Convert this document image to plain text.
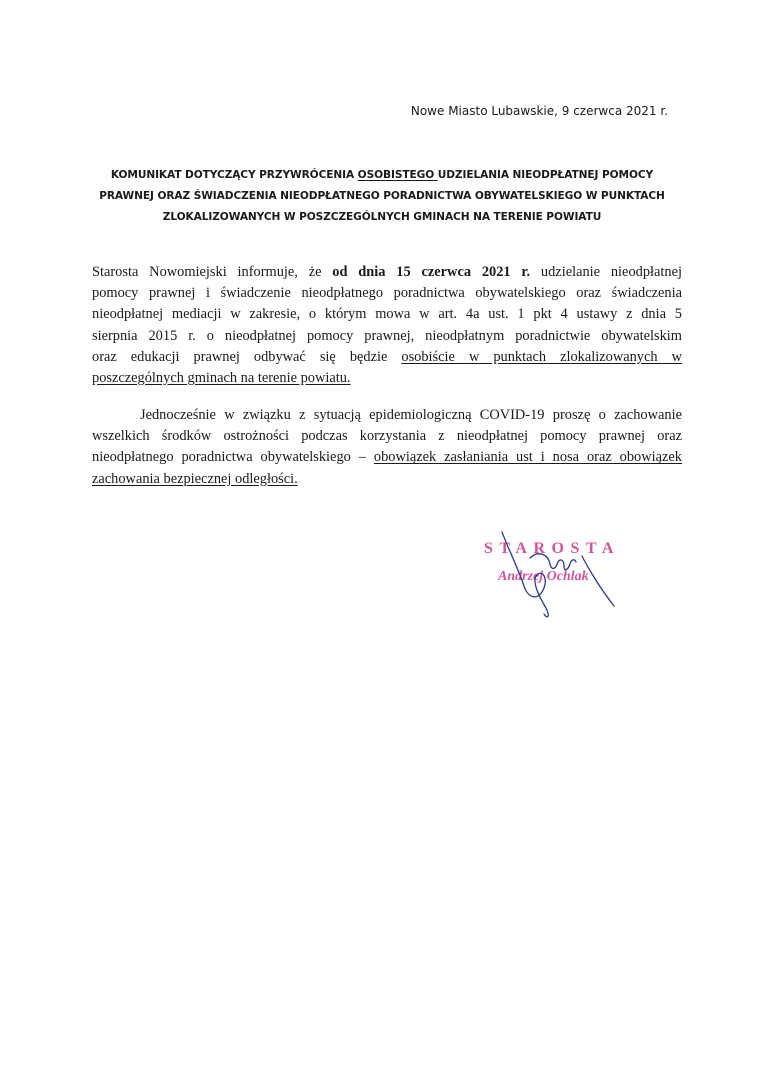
Nowe Miasto Lubawskie, 9 czerwca 2021 r.
KOMUNIKAT DOTYCZĄCY PRZYWRÓCENIA OSOBISTEGO UDZIELANIA NIEODPŁATNEJ POMOCY
PRAWNEJ ORAZ ŚWIADCZENIA NIEODPŁATNEGO PORADNICTWA OBYWATELSKIEGO W PUNKTACH
ZLOKALIZOWANYCH W POSZCZEGÓLNYCH GMINACH NA TERENIE POWIATU
Starosta Nowomiejski informuje, że od dnia 15 czerwca 2021 r. udzielanie nieodpłatnej
pomocy prawnej i świadczenie nieodpłatnego poradnictwa obywatelskiego oraz świadczenia
nieodpłatnej mediacji w zakresie, o którym mowa w art. 4a ust. 1 pkt 4 ustawy z dnia 5
sierpnia 2015 r. o nieodpłatnej pomocy prawnej, nieodpłatnym poradnictwie obywatelskim
oraz edukacji prawnej odbywać się będzie osobiście w punktach zlokalizowanych w
poszczególnych gminach na terenie powiatu.
Jednocześnie w związku z sytuacją epidemiologiczną COVID-19 proszę o zachowanie
wszelkich środków ostrożności podczas korzystania z nieodpłatnej pomocy prawnej oraz
nieodpłatnego poradnictwa obywatelskiego – obowiązek zasłaniania ust i nosa oraz obowiązek
zachowania bezpiecznej odległości.
STAROSTA
Andrzej Ochlak
